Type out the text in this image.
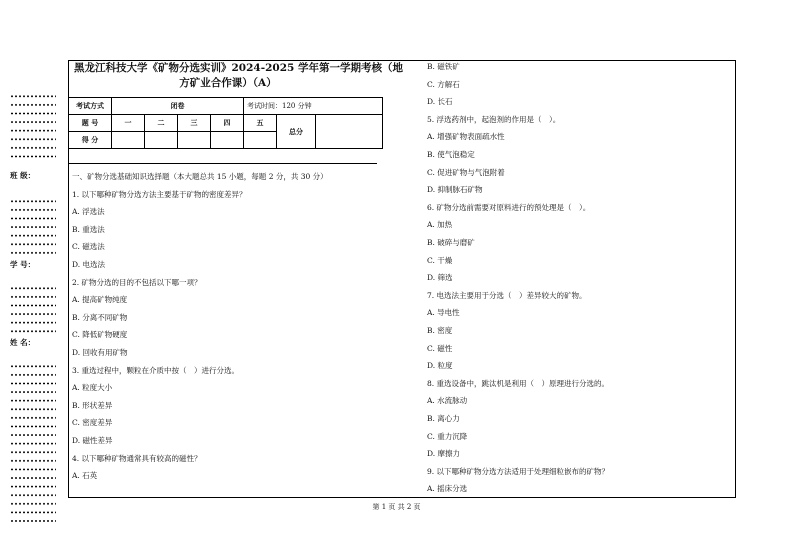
班 级：
学 号：
姓 名：
黑龙江科技大学《矿物分选实训》2024-2025 学年第一学期考核（地
方矿业合作课）（A）
考试方式	闭卷				考试时间：120 分钟		
题 号	一	二	三	四	五	总分	
得 分							
一、矿物分选基础知识选择题（本大题总共 15 小题，每题 2 分，共 30 分）
1. 以下哪种矿物分选方法主要基于矿物的密度差异？
A. 浮选法
B. 重选法
C. 磁选法
D. 电选法
2. 矿物分选的目的不包括以下哪一项？
A. 提高矿物纯度
B. 分离不同矿物
C. 降低矿物硬度
D. 回收有用矿物
3. 重选过程中，颗粒在介质中按（　）进行分选。
A. 粒度大小
B. 形状差异
C. 密度差异
D. 磁性差异
4. 以下哪种矿物通常具有较高的磁性？
A. 石英
B. 磁铁矿
C. 方解石
D. 长石
5. 浮选药剂中，起泡剂的作用是（　）。
A. 增强矿物表面疏水性
B. 使气泡稳定
C. 促进矿物与气泡附着
D. 抑制脉石矿物
6. 矿物分选前需要对原料进行的预处理是（　）。
A. 加热
B. 破碎与磨矿
C. 干燥
D. 筛选
7. 电选法主要用于分选（　）差异较大的矿物。
A. 导电性
B. 密度
C. 磁性
D. 粒度
8. 重选设备中，跳汰机是利用（　）原理进行分选的。
A. 水流脉动
B. 离心力
C. 重力沉降
D. 摩擦力
9. 以下哪种矿物分选方法适用于处理细粒嵌布的矿物？
A. 摇床分选
第 1 页 共 2 页
